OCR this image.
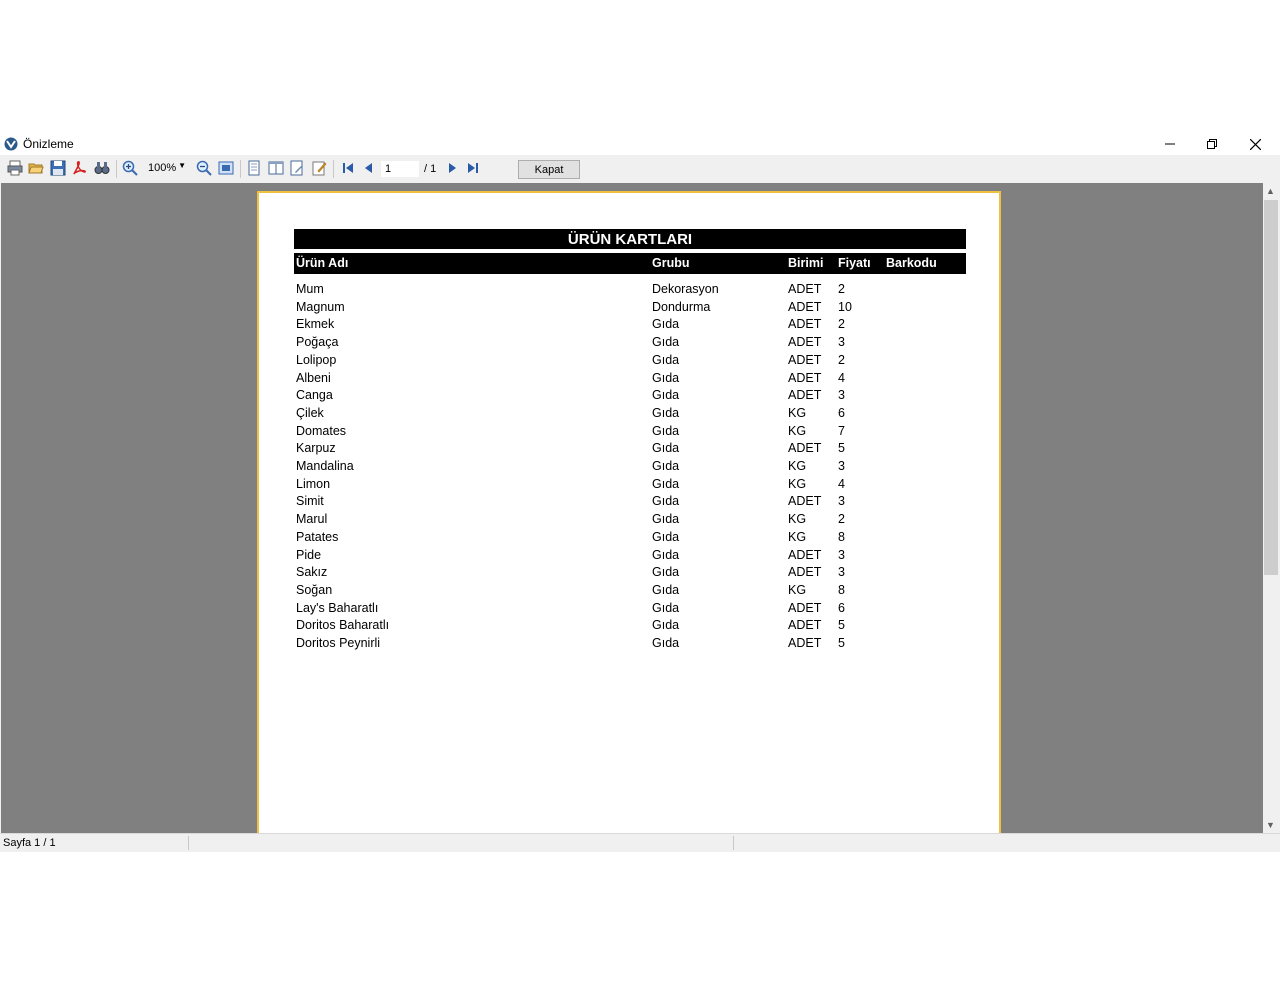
Önizleme
100% ▼
1	/ 1	Kapat
ÜRÜN KARTLARI
Ürün Adı	Grubu	Birimi Fiyatı Barkodu
Mum	Dekorasyon	ADET 2
Magnum	Dondurma	ADET 10
Ekmek	Gıda	ADET 2
Poğaça	Gıda	ADET 3
Lolipop	Gıda	ADET 2
Albeni	Gıda	ADET 4
Canga	Gıda	ADET 3
Çilek	Gıda	KG	6
Domates	Gıda	KG	7
Karpuz	Gıda	ADET 5
Mandalina	Gıda	KG	3
Limon	Gıda	KG	4
Simit	Gıda	ADET 3
Marul	Gıda	KG	2
Patates	Gıda	KG	8
Pide	Gıda	ADET 3
Sakız	Gıda	ADET 3
Soğan	Gıda	KG	8
Lay's Baharatlı	Gıda	ADET 6
Doritos Baharatlı	Gıda	ADET 5
Doritos Peynirli	Gıda	ADET 5
▲
▼
Sayfa 1 / 1
